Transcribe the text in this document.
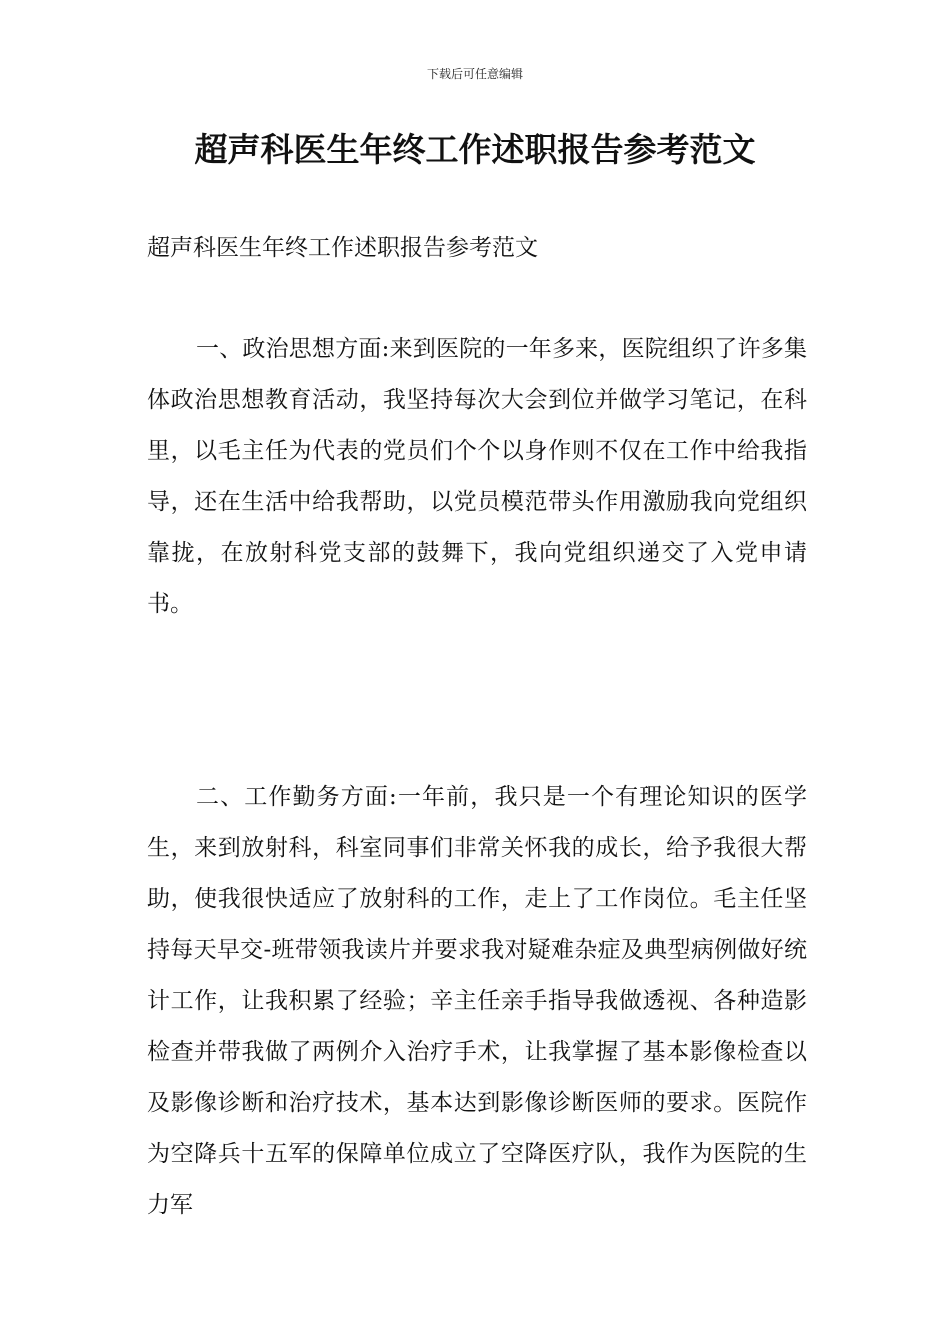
下载后可任意编辑
超声科医生年终工作述职报告参考范文

超声科医生年终工作述职报告参考范文

一、政治思想方面:来到医院的一年多来，医院组织了许多集体政治思想教育活动，我坚持每次大会到位并做学习笔记，在科里，以毛主任为代表的党员们个个以身作则不仅在工作中给我指导，还在生活中给我帮助，以党员模范带头作用激励我向党组织靠拢，在放射科党支部的鼓舞下，我向党组织递交了入党申请书。

二、工作勤务方面:一年前，我只是一个有理论知识的医学生，来到放射科，科室同事们非常关怀我的成长，给予我很大帮助，使我很快适应了放射科的工作，走上了工作岗位。毛主任坚持每天早交-班带领我读片并要求我对疑难杂症及典型病例做好统计工作，让我积累了经验；辛主任亲手指导我做透视、各种造影检查并带我做了两例介入治疗手术，让我掌握了基本影像检查以及影像诊断和治疗技术，基本达到影像诊断医师的要求。医院作为空降兵十五军的保障单位成立了空降医疗队，我作为医院的生力军
